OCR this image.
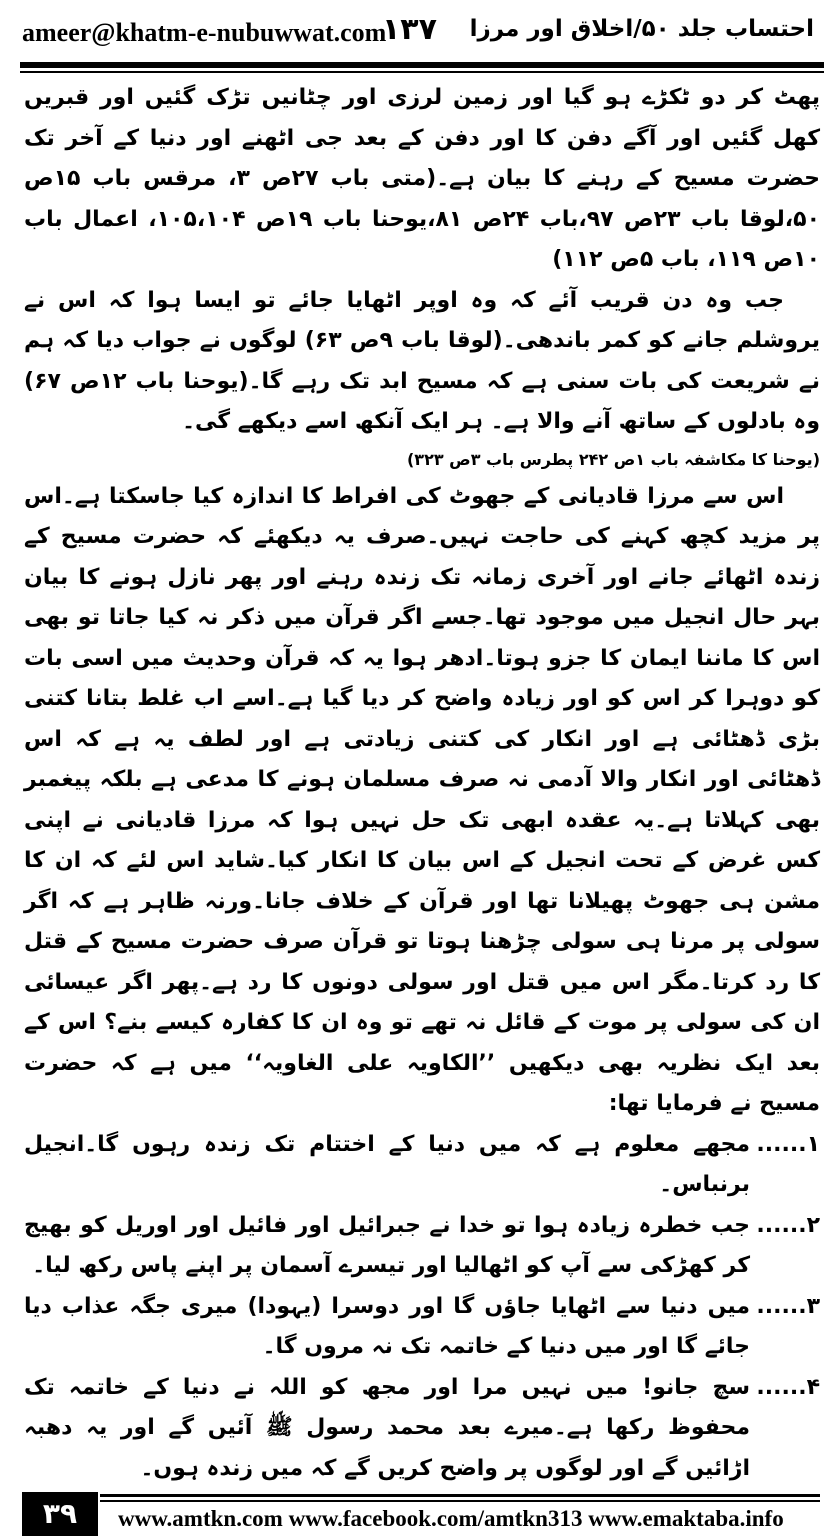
ameer@khatm-e-nubuwwat.com
۱۳۷ احتساب جلد ۵۰/اخلاق اور مرزا

پھٹ کر دو ٹکڑے ہو گیا اور زمین لرزی اور چٹانیں تڑک گئیں اور قبریں کھل گئیں اور آگے دفن کا اور دفن کے بعد جی اٹھنے اور دنیا کے آخر تک حضرت مسیح کے رہنے کا بیان ہے۔(متی باب ۲۷ص ۳، مرقس باب ۱۵ص ۵۰،لوقا باب ۲۳ص ۹۷،باب ۲۴ص ۸۱،یوحنا باب ۱۹ص ۱۰۵،۱۰۴، اعمال باب ۱۰ص ۱۱۹، باب ۵ص ۱۱۲)

جب وہ دن قریب آئے کہ وہ اوپر اٹھایا جائے تو ایسا ہوا کہ اس نے یروشلم جانے کو کمر باندھی۔(لوقا باب ۹ص ۶۳) لوگوں نے جواب دیا کہ ہم نے شریعت کی بات سنی ہے کہ مسیح ابد تک رہے گا۔(یوحنا باب ۱۲ص ۶۷) وہ بادلوں کے ساتھ آنے والا ہے۔ ہر ایک آنکھ اسے دیکھے گی۔

(یوحنا کا مکاشفہ باب ۱ص ۲۴۲ پطرس باب ۳ص ۳۲۳)

اس سے مرزا قادیانی کے جھوٹ کی افراط کا اندازہ کیا جاسکتا ہے۔اس پر مزید کچھ کہنے کی حاجت نہیں۔صرف یہ دیکھئے کہ حضرت مسیح کے زندہ اٹھائے جانے اور آخری زمانہ تک زندہ رہنے اور پھر نازل ہونے کا بیان بہر حال انجیل میں موجود تھا۔جسے اگر قرآن میں ذکر نہ کیا جاتا تو بھی اس کا ماننا ایمان کا جزو ہوتا۔ادھر ہوا یہ کہ قرآن وحدیث میں اسی بات کو دوہرا کر اس کو اور زیادہ واضح کر دیا گیا ہے۔اسے اب غلط بتانا کتنی بڑی ڈھٹائی ہے اور انکار کی کتنی زیادتی ہے اور لطف یہ ہے کہ اس ڈھٹائی اور انکار والا آدمی نہ صرف مسلمان ہونے کا مدعی ہے بلکہ پیغمبر بھی کہلاتا ہے۔یہ عقدہ ابھی تک حل نہیں ہوا کہ مرزا قادیانی نے اپنی کس غرض کے تحت انجیل کے اس بیان کا انکار کیا۔شاید اس لئے کہ ان کا مشن ہی جھوٹ پھیلانا تھا اور قرآن کے خلاف جانا۔ورنہ ظاہر ہے کہ اگر سولی پر مرنا ہی سولی چڑھنا ہوتا تو قرآن صرف حضرت مسیح کے قتل کا رد کرتا۔مگر اس میں قتل اور سولی دونوں کا رد ہے۔پھر اگر عیسائی ان کی سولی پر موت کے قائل نہ تھے تو وہ ان کا کفارہ کیسے بنے؟ اس کے بعد ایک نظریہ بھی دیکھیں ’’الکاویہ علی الغاویہ‘‘ میں ہے کہ حضرت مسیح نے فرمایا تھا:

۱......
مجھے معلوم ہے کہ میں دنیا کے اختتام تک زندہ رہوں گا۔انجیل برنباس۔
۲......
جب خطرہ زیادہ ہوا تو خدا نے جبرائیل اور فائیل اور اوریل کو بھیج کر کھڑکی سے آپ کو اٹھالیا اور تیسرے آسمان پر اپنے پاس رکھ لیا۔
۳......
میں دنیا سے اٹھایا جاؤں گا اور دوسرا (یہودا) میری جگہ عذاب دیا جائے گا اور میں دنیا کے خاتمہ تک نہ مروں گا۔
۴......
سچ جانو! میں نہیں مرا اور مجھ کو اللہ نے دنیا کے خاتمہ تک محفوظ رکھا ہے۔میرے بعد محمد رسول ﷺ آئیں گے اور یہ دھبہ اڑائیں گے اور لوگوں پر واضح کریں گے کہ میں زندہ ہوں۔
۳۹	www.amtkn.com www.facebook.com/amtkn313 www.emaktaba.info
